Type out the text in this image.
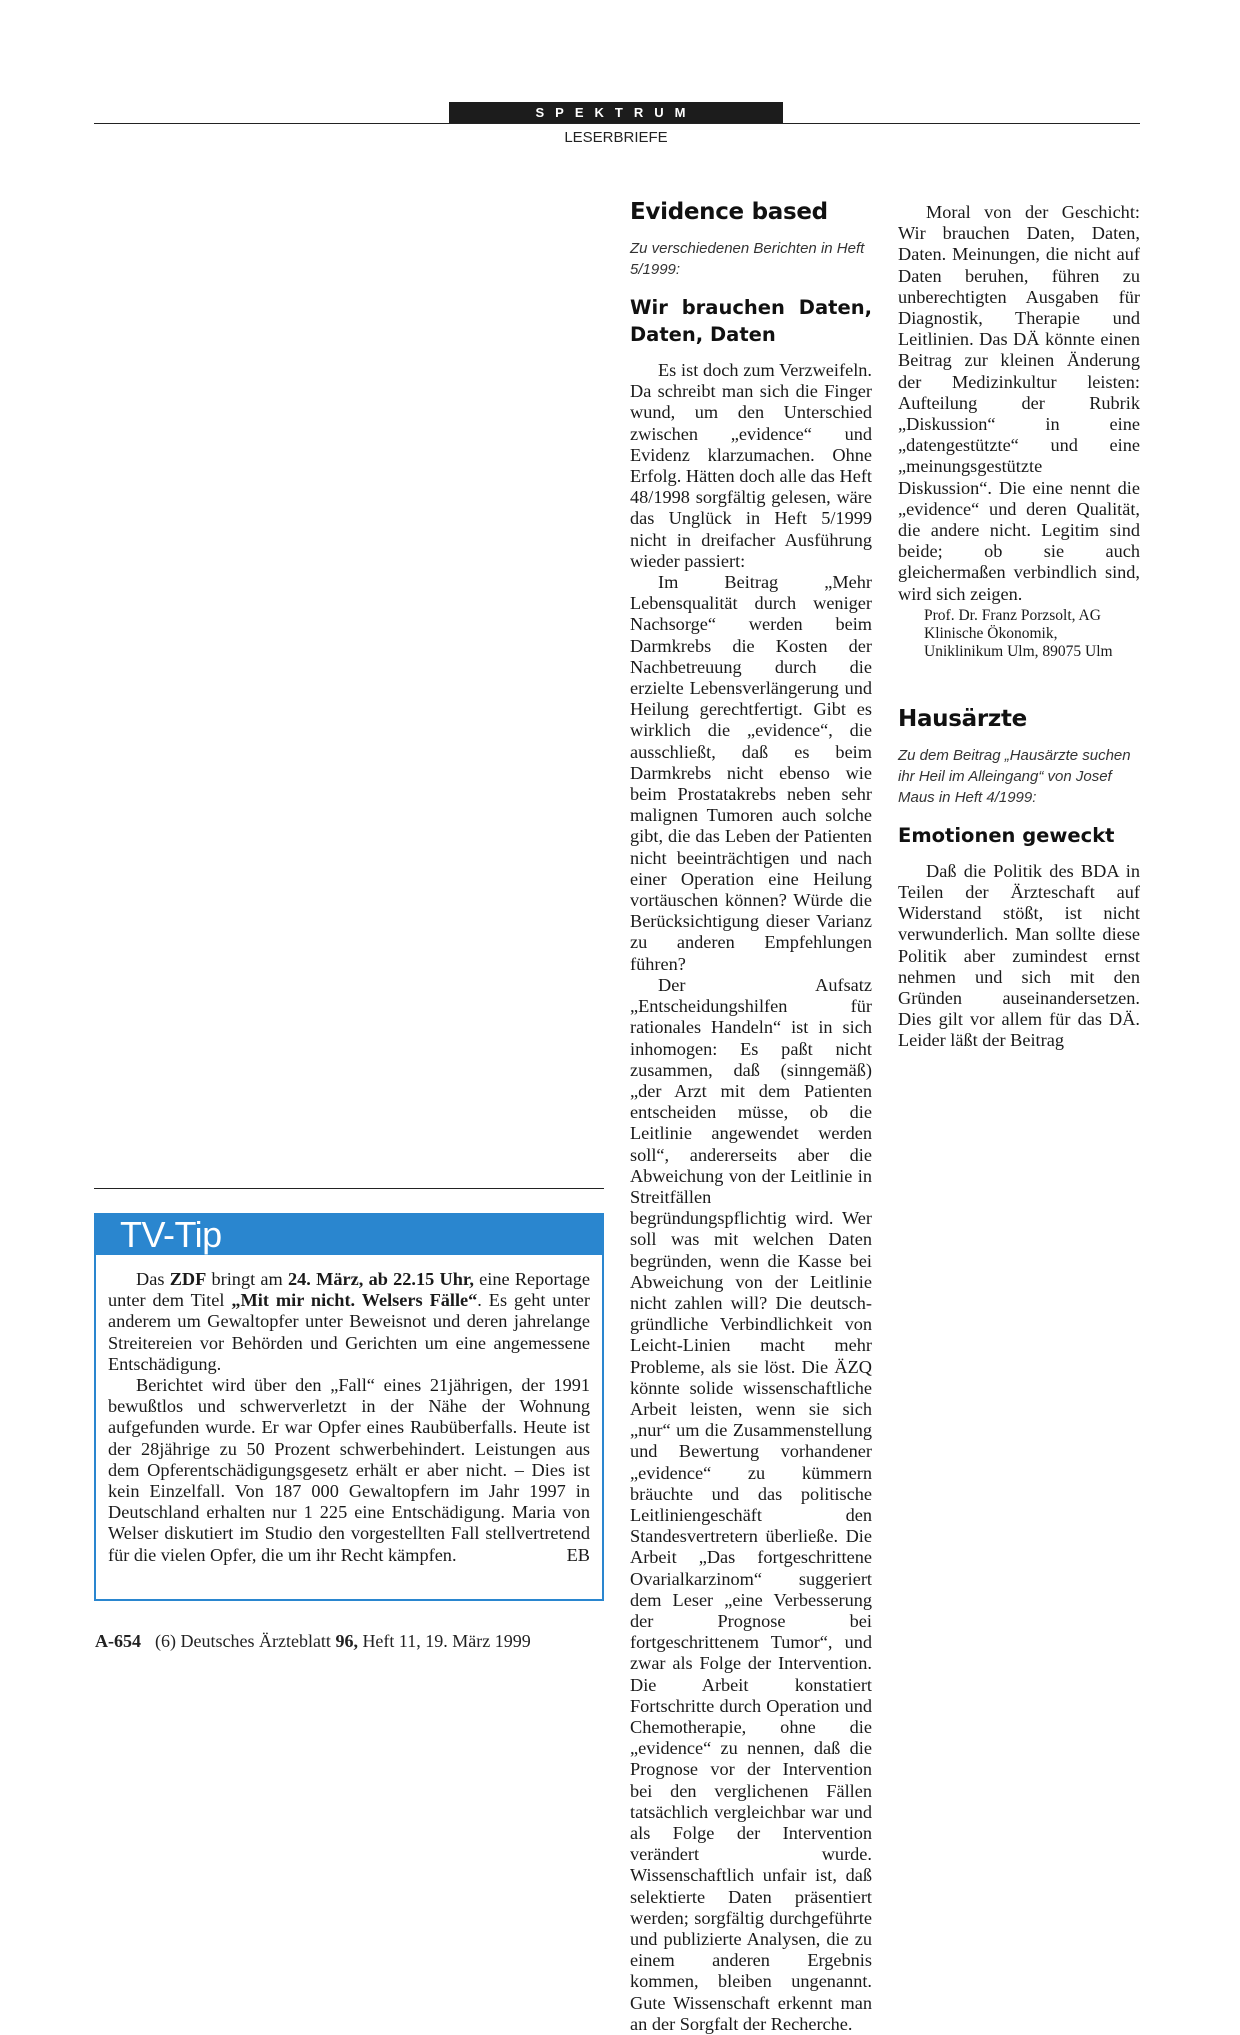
SPEKTRUM
LESERBRIEFE
TV-Tip

Das ZDF bringt am 24. März, ab 22.15 Uhr, eine Reportage unter dem Titel „Mit mir nicht. Welsers Fälle“. Es geht unter anderem um Gewaltopfer unter Beweisnot und deren jahrelange Streitereien vor Behörden und Gerichten um eine angemessene Entschädigung.

Berichtet wird über den „Fall“ eines 21jährigen, der 1991 bewußtlos und schwerverletzt in der Nähe der Wohnung aufgefunden wurde. Er war Opfer eines Raubüberfalls. Heute ist der 28jährige zu 50 Prozent schwerbehindert. Leistungen aus dem Opferentschädigungsgesetz erhält er aber nicht. – Dies ist kein Einzelfall. Von 187 000 Gewaltopfern im Jahr 1997 in Deutschland erhalten nur 1 225 eine Entschädigung. Maria von Welser diskutiert im Studio den vorgestellten Fall stellvertretend für die vielen Opfer, die um ihr Recht kämpfen.	EB

Evidence based
Zu verschiedenen Berichten in Heft 5/1999:
Wir brauchen Daten, Daten, Daten

Es ist doch zum Verzweifeln. Da schreibt man sich die Finger wund, um den Unterschied zwischen „evidence“ und Evidenz klarzumachen. Ohne Erfolg. Hätten doch alle das Heft 48/1998 sorgfältig gelesen, wäre das Unglück in Heft 5/1999 nicht in dreifacher Ausführung wieder passiert:

Im Beitrag „Mehr Lebensqualität durch weniger Nachsorge“ werden beim Darmkrebs die Kosten der Nachbetreuung durch die erzielte Lebensverlängerung und Heilung gerechtfertigt. Gibt es wirklich die „evidence“, die ausschließt, daß es beim Darmkrebs nicht ebenso wie beim Prostatakrebs neben sehr malignen Tumoren auch solche gibt, die das Leben der Patienten nicht beeinträchtigen und nach einer Operation eine Heilung vortäuschen können? Würde die Berücksichtigung dieser Varianz zu anderen Empfehlungen führen?

Der Aufsatz „Entscheidungshilfen für rationales Handeln“ ist in sich inhomogen: Es paßt nicht zusammen, daß (sinngemäß) „der Arzt mit dem Patienten entscheiden müsse, ob die Leitlinie angewendet werden soll“, andererseits aber die Abweichung von der Leitlinie in Streitfällen begründungspflichtig wird. Wer soll was mit welchen Daten begründen, wenn die Kasse bei Abweichung von der Leitlinie nicht zahlen will? Die deutsch-gründliche Verbindlichkeit von Leicht-Linien macht mehr Probleme, als sie löst. Die ÄZQ könnte solide wissenschaftliche Arbeit leisten, wenn sie sich „nur“ um die Zusammenstellung und Bewertung vorhandener „evidence“ zu kümmern bräuchte und das politische Leitliniengeschäft den Standesvertretern überließe. Die Arbeit „Das fortgeschrittene Ovarialkarzinom“ suggeriert dem Leser „eine Verbesserung der Prognose bei fortgeschrittenem Tumor“, und zwar als Folge der Intervention. Die Arbeit konstatiert Fortschritte durch Operation und Chemotherapie, ohne die „evidence“ zu nennen, daß die Prognose vor der Intervention bei den verglichenen Fällen tatsächlich vergleichbar war und als Folge der Intervention verändert wurde. Wissenschaftlich unfair ist, daß selektierte Daten präsentiert werden; sorgfältig durchgeführte und publizierte Analysen, die zu einem anderen Ergebnis kommen, bleiben ungenannt. Gute Wissenschaft erkennt man an der Sorgfalt der Recherche.

Moral von der Geschicht: Wir brauchen Daten, Daten, Daten. Meinungen, die nicht auf Daten beruhen, führen zu unberechtigten Ausgaben für Diagnostik, Therapie und Leitlinien. Das DÄ könnte einen Beitrag zur kleinen Änderung der Medizinkultur leisten: Aufteilung der Rubrik „Diskussion“ in eine „datengestützte“ und eine „meinungsgestützte Diskussion“. Die eine nennt die „evidence“ und deren Qualität, die andere nicht. Legitim sind beide; ob sie auch gleichermaßen verbindlich sind, wird sich zeigen.

Prof. Dr. Franz Porzsolt, AG Klinische Ökonomik, Uniklinikum Ulm, 89075 Ulm
Hausärzte
Zu dem Beitrag „Hausärzte suchen ihr Heil im Alleingang“ von Josef Maus in Heft 4/1999:
Emotionen geweckt

Daß die Politik des BDA in Teilen der Ärzteschaft auf Widerstand stößt, ist nicht verwunderlich. Man sollte diese Politik aber zumindest ernst nehmen und sich mit den Gründen auseinandersetzen. Dies gilt vor allem für das DÄ. Leider läßt der Beitrag

A-654 (6) Deutsches Ärzteblatt 96, Heft 11, 19. März 1999
